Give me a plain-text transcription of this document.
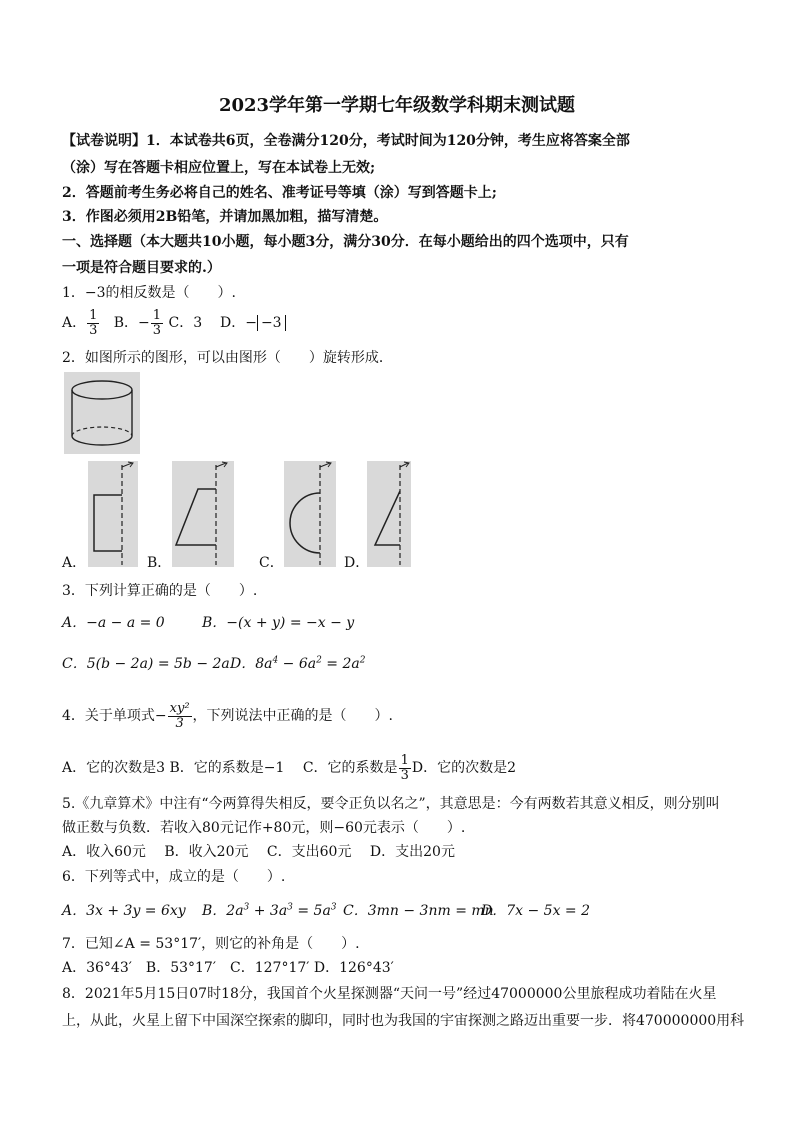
2023学年第一学期七年级数学科期末测试题
【试卷说明】1．本试卷共6页，全卷满分120分，考试时间为120分钟，考生应将答案全部
（涂）写在答题卡相应位置上，写在本试卷上无效;
2．答题前考生务必将自己的姓名、准考证号等填（涂）写到答题卡上;
3．作图必须用2B铅笔，并请加黑加粗，描写清楚。
一、选择题（本大题共10小题，每小题3分，满分30分．在每小题给出的四个选项中，只有
一项是符合题目要求的.）
1．−3的相反数是（　　）.
A． $\frac{1}{3}$ B．− $\frac{1}{3}$ C．3 D．− −3
2．如图所示的图形，可以由图形（　　）旋转形成．
A．	B．	C．	D．
3．下列计算正确的是（　　）.
A．−a − a = 0	B．−(x + y) = −x − y
C．5(b − 2a) = 5b − 2a D．$8a^4 - 6a^2 = 2a^2$
4．关于单项式− $\frac{\text{xy²}}{3}$ ，下列说法中正确的是（　　）.
A．它的次数是3 B．它的系数是−1　 C．它的系数是 $\frac{1}{3}$ D．它的次数是2
5.《九章算术》中注有“今两算得失相反，要令正负以名之”，其意思是：今有两数若其意义相反，则分别叫
做正数与负数．若收入80元记作+80元，则−60元表示（　　）.
A．收入60元　 B．收入20元　 C．支出60元　 D．支出20元
6．下列等式中，成立的是（　　）.
A．3x + 3y = 6xy B．$2a^3 + 3a^3 = 5a^3$ C．3mn − 3nm = mn
D．7x − 5x = 2
7．已知∠A = 53°17′，则它的补角是（　　）.
A．36°43′　B．53°17′　C．127°17′ D．126°43′
8．2021年5月15日07时18分，我国首个火星探测器“天问一号”经过47000000公里旅程成功着陆在火星
上，从此，火星上留下中国深空探索的脚印，同时也为我国的宇宙探测之路迈出重要一步．将470000000用科
